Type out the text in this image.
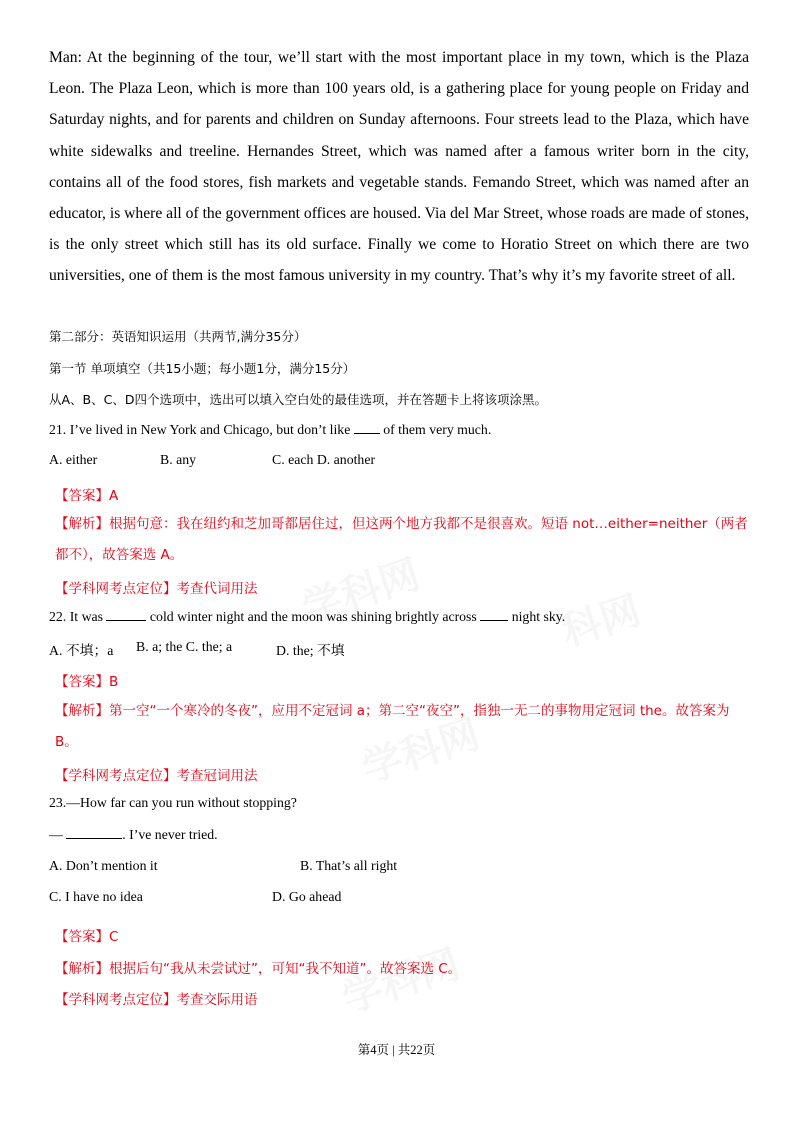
Man: At the beginning of the tour, we’ll start with the most important place in my town, which is the Plaza Leon. The Plaza Leon, which is more than 100 years old, is a gathering place for young people on Friday and Saturday nights, and for parents and children on Sunday afternoons. Four streets lead to the Plaza, which have white sidewalks and treeline. Hernandes Street, which was named after a famous writer born in the city, contains all of the food stores, fish markets and vegetable stands. Femando Street, which was named after an educator, is where all of the government offices are housed. Via del Mar Street, whose roads are made of stones, is the only street which still has its old surface. Finally we come to Horatio Street on which there are two universities, one of them is the most famous university in my country. That’s why it’s my favorite street of all.
第二部分：英语知识运用（共两节,满分35分）
第一节 单项填空（共15小题；每小题1分，满分15分）
从A、B、C、D四个选项中，选出可以填入空白处的最佳选项，并在答题卡上将该项涂黑。
21. I’ve lived in New York and Chicago, but don’t like  of them very much.
A. either	B. any	C. each D. another
【答案】A
【解析】根据句意：我在纽约和芝加哥都居住过，但这两个地方我都不是很喜欢。短语 not…either=neither（两者都不），故答案选 A。
【学科网考点定位】考查代词用法
22. It was	cold winter night and the moon was shining brightly across  night sky.
A. 不填；a B. a; the C. the; a	D. the; 不填
【答案】B
【解析】第一空“一个寒冷的冬夜”，应用不定冠词 a；第二空“夜空”，指独一无二的事物用定冠词 the。故答案为 B。
【学科网考点定位】考查冠词用法
23.—How far can you run without stopping?
—	. I’ve never tried.
A. Don’t mention it	B. That’s all right
C. I have no idea	D. Go ahead
【答案】C
【解析】根据后句“我从未尝试过”，可知“我不知道”。故答案选 C。
【学科网考点定位】考查交际用语
第4页 | 共22页
